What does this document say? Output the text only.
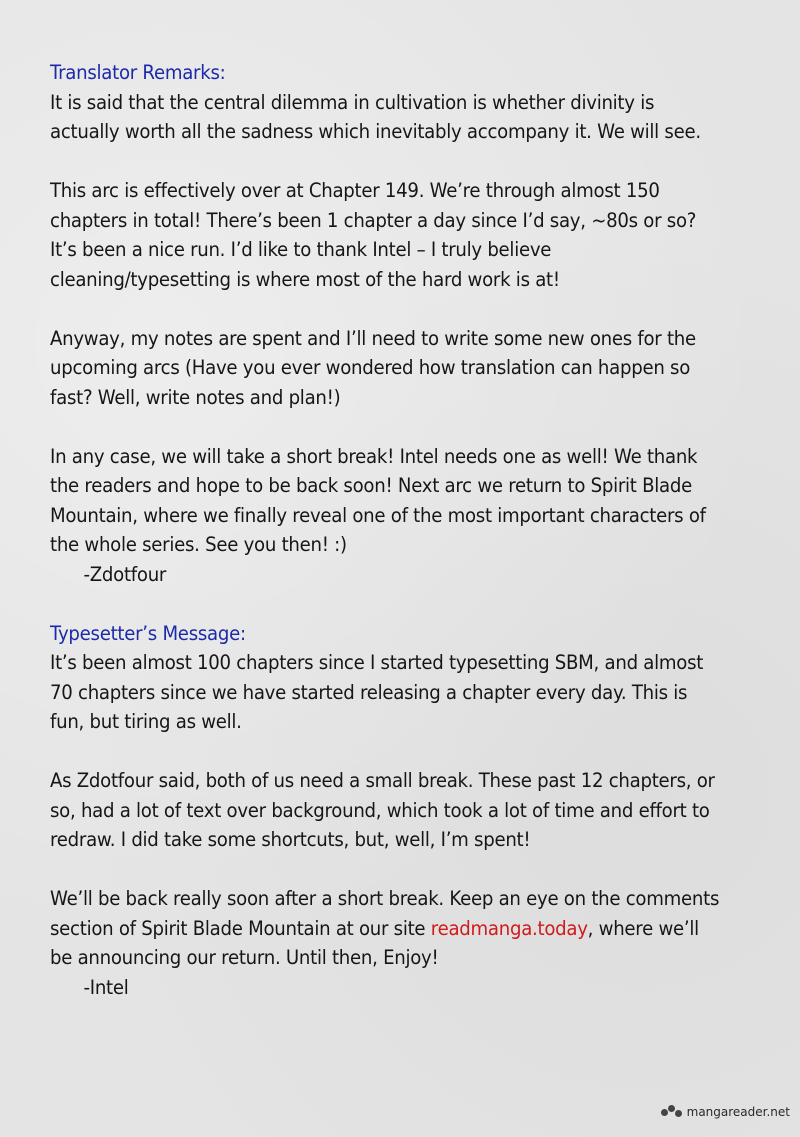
Translator Remarks:

It is said that the central dilemma in cultivation is whether divinity is actually worth all the sadness which inevitably accompany it. We will see.

This arc is effectively over at Chapter 149. We’re through almost 150 chapters in total! There’s been 1 chapter a day since I’d say, ~80s or so? It’s been a nice run. I’d like to thank Intel – I truly believe cleaning/typesetting is where most of the hard work is at!

Anyway, my notes are spent and I’ll need to write some new ones for the upcoming arcs (Have you ever wondered how translation can happen so fast? Well, write notes and plan!)

In any case, we will take a short break! Intel needs one as well! We thank the readers and hope to be back soon! Next arc we return to Spirit Blade Mountain, where we finally reveal one of the most important characters of the whole series. See you then! :)

-Zdotfour

Typesetter’s Message:

It’s been almost 100 chapters since I started typesetting SBM, and almost 70 chapters since we have started releasing a chapter every day. This is fun, but tiring as well.

As Zdotfour said, both of us need a small break. These past 12 chapters, or so, had a lot of text over background, which took a lot of time and effort to redraw. I did take some shortcuts, but, well, I’m spent!

We’ll be back really soon after a short break. Keep an eye on the comments section of Spirit Blade Mountain at our site readmanga.today, where we’ll be announcing our return. Until then, Enjoy!

-Intel

mangareader.net
